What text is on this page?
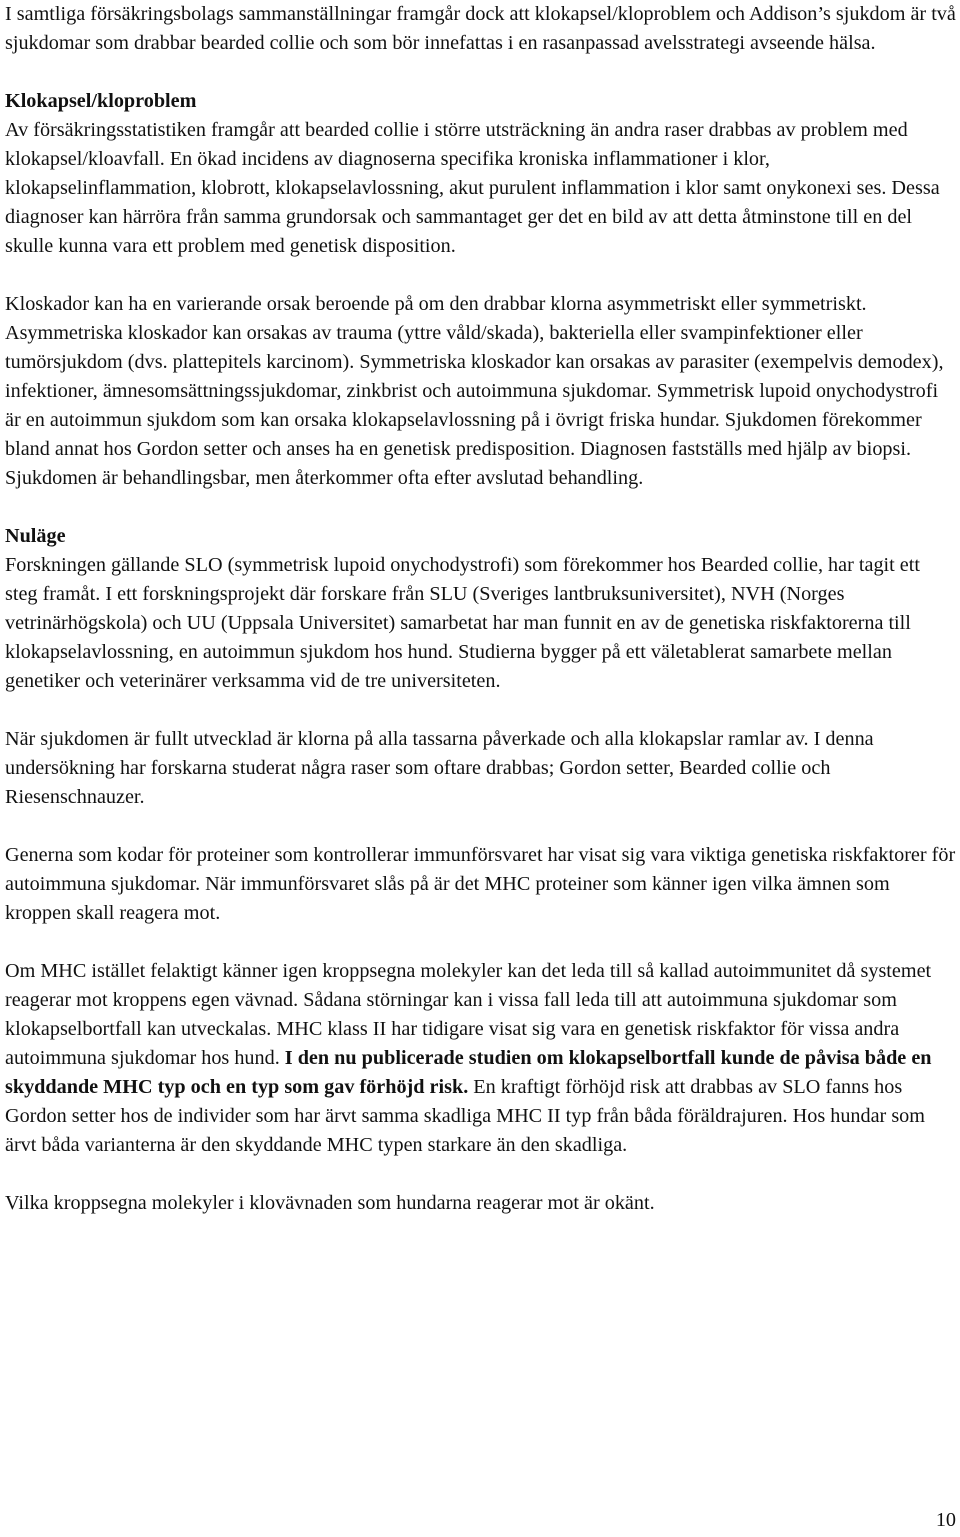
I samtliga försäkringsbolags sammanställningar framgår dock att klokapsel/kloproblem och Addison’s sjukdom är två sjukdomar som drabbar bearded collie och som bör innefattas i en rasanpassad avelsstrategi avseende hälsa.

Klokapsel/kloproblem

Av försäkringsstatistiken framgår att bearded collie i större utsträckning än andra raser drabbas av problem med klokapsel/kloavfall. En ökad incidens av diagnoserna specifika kroniska inflammationer i klor, klokapselinflammation, klobrott, klokapselavlossning, akut purulent inflammation i klor samt onykonexi ses. Dessa diagnoser kan härröra från samma grundorsak och sammantaget ger det en bild av att detta åtminstone till en del skulle kunna vara ett problem med genetisk disposition.

Kloskador kan ha en varierande orsak beroende på om den drabbar klorna asymmetriskt eller symmetriskt. Asymmetriska kloskador kan orsakas av trauma (yttre våld/skada), bakteriella eller svampinfektioner eller tumörsjukdom (dvs. plattepitels karcinom). Symmetriska kloskador kan orsakas av parasiter (exempelvis demodex), infektioner, ämnesomsättningssjukdomar, zinkbrist och autoimmuna sjukdomar. Symmetrisk lupoid onychodystrofi är en autoimmun sjukdom som kan orsaka klokapselavlossning på i övrigt friska hundar. Sjukdomen förekommer bland annat hos Gordon setter och anses ha en genetisk predisposition. Diagnosen fastställs med hjälp av biopsi. Sjukdomen är behandlingsbar, men återkommer ofta efter avslutad behandling.

Nuläge

Forskningen gällande SLO (symmetrisk lupoid onychodystrofi) som förekommer hos Bearded collie, har tagit ett steg framåt. I ett forskningsprojekt där forskare från SLU (Sveriges lantbruksuniversitet), NVH (Norges vetrinärhögskola) och UU (Uppsala Universitet) samarbetat har man funnit en av de genetiska riskfaktorerna till klokapselavlossning, en autoimmun sjukdom hos hund. Studierna bygger på ett väletablerat samarbete mellan genetiker och veterinärer verksamma vid de tre universiteten.

När sjukdomen är fullt utvecklad är klorna på alla tassarna påverkade och alla klokapslar ramlar av. I denna undersökning har forskarna studerat några raser som oftare drabbas; Gordon setter, Bearded collie och Riesenschnauzer.

Generna som kodar för proteiner som kontrollerar immunförsvaret har visat sig vara viktiga genetiska riskfaktorer för autoimmuna sjukdomar. När immunförsvaret slås på är det MHC proteiner som känner igen vilka ämnen som kroppen skall reagera mot.

Om MHC istället felaktigt känner igen kroppsegna molekyler kan det leda till så kallad autoimmunitet då systemet reagerar mot kroppens egen vävnad. Sådana störningar kan i vissa fall leda till att autoimmuna sjukdomar som klokapselbortfall kan utveckalas. MHC klass II har tidigare visat sig vara en genetisk riskfaktor för vissa andra autoimmuna sjukdomar hos hund. I den nu publicerade studien om klokapselbortfall kunde de påvisa både en skyddande MHC typ och en typ som gav förhöjd risk. En kraftigt förhöjd risk att drabbas av SLO fanns hos Gordon setter hos de individer som har ärvt samma skadliga MHC II typ från båda föräldrajuren. Hos hundar som ärvt båda varianterna är den skyddande MHC typen starkare än den skadliga.

Vilka kroppsegna molekyler i klovävnaden som hundarna reagerar mot är okänt.

10
